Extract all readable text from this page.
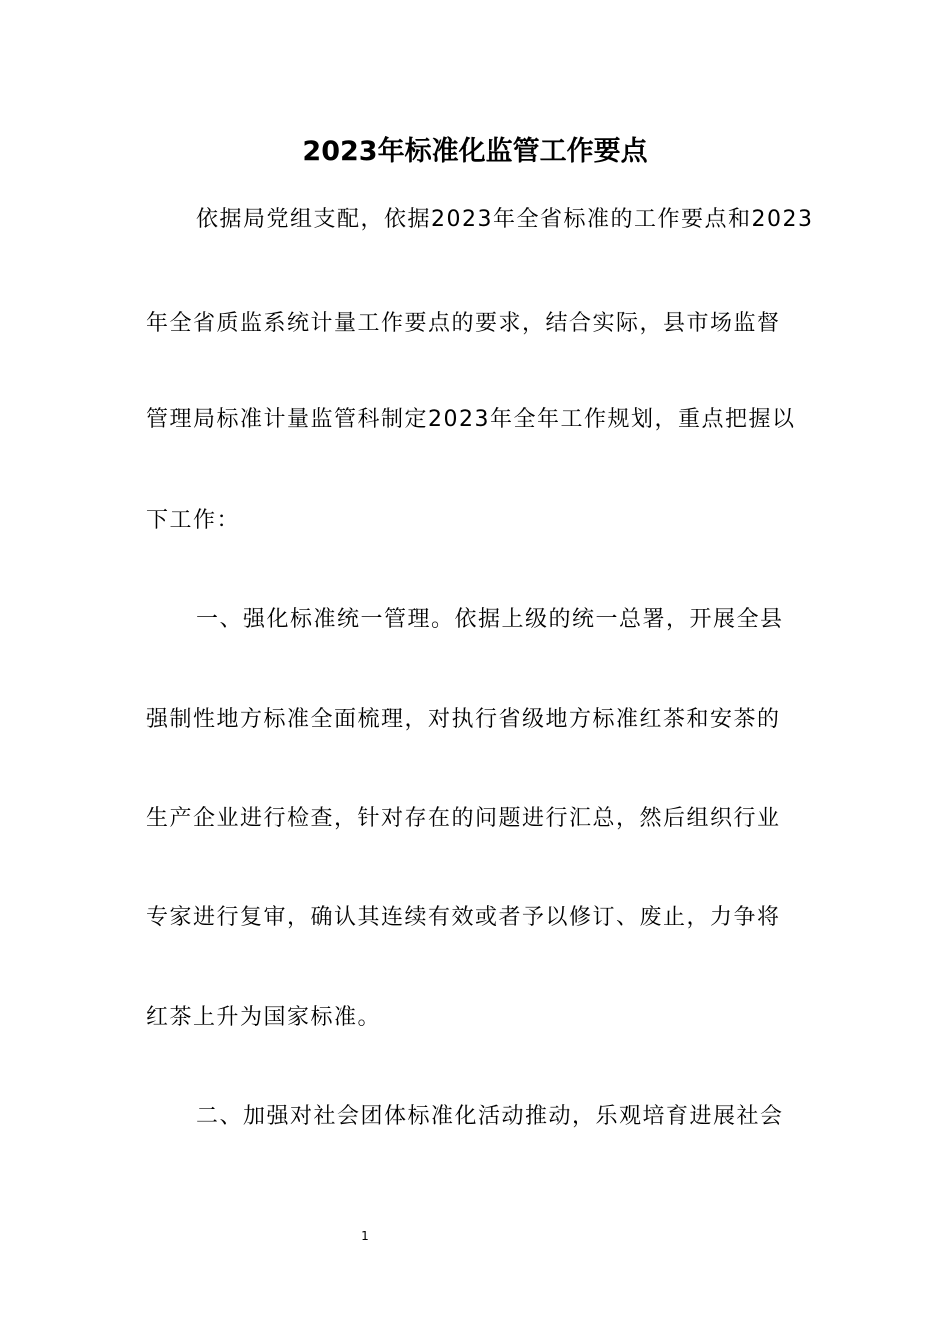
2023年标准化监管工作要点
依据局党组支配，依据2023年全省标准的工作要点和2023
年全省质监系统计量工作要点的要求，结合实际，县市场监督
管理局标准计量监管科制定2023年全年工作规划，重点把握以
下工作：
一、强化标准统一管理。依据上级的统一总署，开展全县
强制性地方标准全面梳理，对执行省级地方标准红茶和安茶的
生产企业进行检查，针对存在的问题进行汇总，然后组织行业
专家进行复审，确认其连续有效或者予以修订、废止，力争将
红茶上升为国家标准。
二、加强对社会团体标准化活动推动，乐观培育进展社会
1
